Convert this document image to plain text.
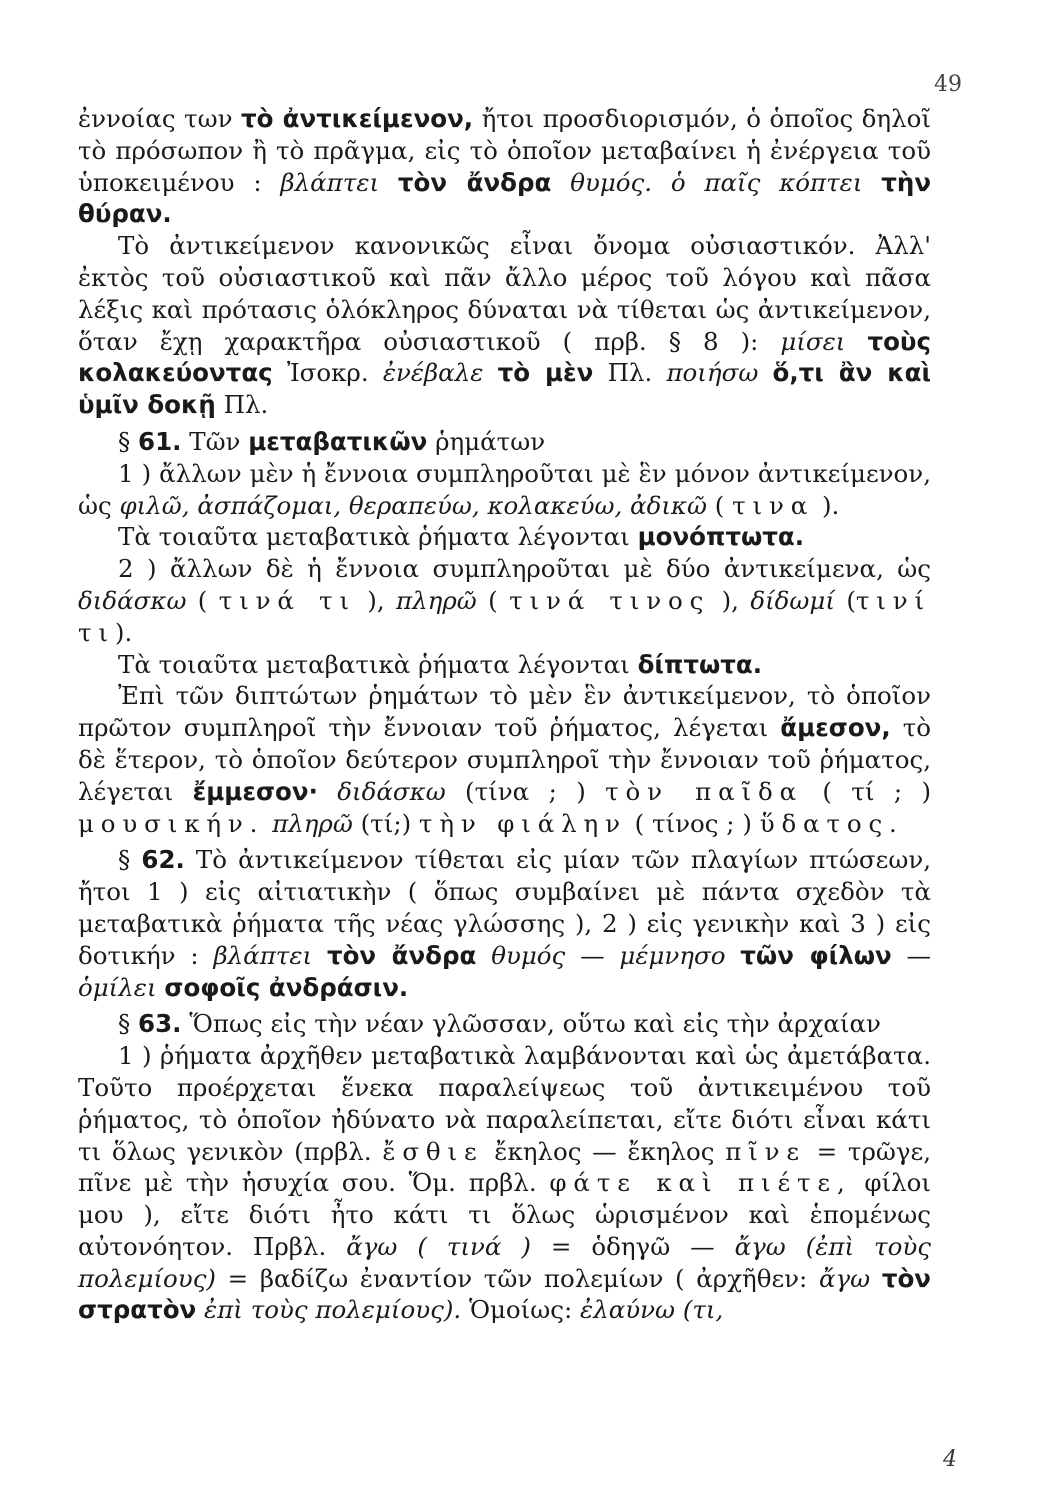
49

ἐννοίας των τὸ ἀντικείμενον, ἤτοι προσδιορισμόν, ὁ ὁποῖος δηλοῖ τὸ πρόσωπον ἢ τὸ πρᾶγμα, εἰς τὸ ὁποῖον μεταβαίνει ἡ ἐνέργεια τοῦ ὑποκειμένου : βλάπτει τὸν ἄνδρα θυμός. ὁ παῖς κόπτει τὴν θύραν.

Τὸ ἀντικείμενον κανονικῶς εἶναι ὄνομα οὐσιαστικόν. Ἀλλ' ἐκτὸς τοῦ οὐσιαστικοῦ καὶ πᾶν ἄλλο μέρος τοῦ λόγου καὶ πᾶσα λέξις καὶ πρότασις ὁλόκληρος δύναται νὰ τίθεται ὡς ἀντικείμενον, ὅταν ἔχῃ χαρακτῆρα οὐσιαστικοῦ ( πρβ. § 8 ): μίσει τοὺς κολακεύοντας Ἰσοκρ. ἐνέβαλε τὸ μὲν Πλ. ποιήσω ὅ,τι ἂν καὶ ὑμῖν δοκῇ Πλ.

§ 61. Τῶν μεταβατικῶν ῥημάτων

1 ) ἄλλων μὲν ἡ ἔννοια συμπληροῦται μὲ ἓν μόνον ἀντικείμενον, ὡς φιλῶ, ἀσπάζομαι, θεραπεύω, κολακεύω, ἀδικῶ ( τινα ).

Τὰ τοιαῦτα μεταβατικὰ ῥήματα λέγονται μονόπτωτα.

2 ) ἄλλων δὲ ἡ ἔννοια συμπληροῦται μὲ δύο ἀντικείμενα, ὡς διδάσκω ( τινά τι ), πληρῶ ( τινά τινος ), δίδωμί (τινί τι).

Τὰ τοιαῦτα μεταβατικὰ ῥήματα λέγονται δίπτωτα.

Ἐπὶ τῶν διπτώτων ῥημάτων τὸ μὲν ἓν ἀντικείμενον, τὸ ὁποῖον πρῶτον συμπληροῖ τὴν ἔννοιαν τοῦ ῥήματος, λέγεται ἄμεσον, τὸ δὲ ἕτερον, τὸ ὁποῖον δεύτερον συμπληροῖ τὴν ἔννοιαν τοῦ ῥήματος, λέγεται ἔμμεσον· διδάσκω (τίνα ; ) τὸν παῖδα ( τί ; ) μουσικήν. πληρῶ (τί;) τὴν φιάλην ( τίνος ; ) ὕδατος.

§ 62. Τὸ ἀντικείμενον τίθεται εἰς μίαν τῶν πλαγίων πτώσεων, ἤτοι 1 ) εἰς αἰτιατικὴν ( ὅπως συμβαίνει μὲ πάντα σχεδὸν τὰ μεταβατικὰ ῥήματα τῆς νέας γλώσσης ), 2 ) εἰς γενικὴν καὶ 3 ) εἰς δοτικήν : βλάπτει τὸν ἄνδρα θυμός — μέμνησο τῶν φίλων — ὁμίλει σοφοῖς ἀνδράσιν.

§ 63. Ὅπως εἰς τὴν νέαν γλῶσσαν, οὕτω καὶ εἰς τὴν ἀρχαίαν

1 ) ῥήματα ἀρχῆθεν μεταβατικὰ λαμβάνονται καὶ ὡς ἀμετάβατα. Τοῦτο προέρχεται ἕνεκα παραλείψεως τοῦ ἀντικειμένου τοῦ ῥήματος, τὸ ὁποῖον ἠδύνατο νὰ παραλείπεται, εἴτε διότι εἶναι κάτι τι ὅλως γενικὸν (πρβλ. ἔσθιε ἔκηλος — ἔκηλος πῖνε = τρῶγε, πῖνε μὲ τὴν ἡσυχία σου. Ὅμ. πρβλ. φάτε καὶ πιέτε, φίλοι μου ), εἴτε διότι ἦτο κάτι τι ὅλως ὡρισμένον καὶ ἑπομένως αὐτονόητον. Πρβλ. ἄγω ( τινά ) = ὁδηγῶ — ἄγω (ἐπὶ τοὺς πολεμίους) = βαδίζω ἐναντίον τῶν πολεμίων ( ἀρχῆθεν: ἄγω τὸν στρατὸν ἐπὶ τοὺς πολεμίους). Ὁμοίως: ἐλαύνω (τι,

4
